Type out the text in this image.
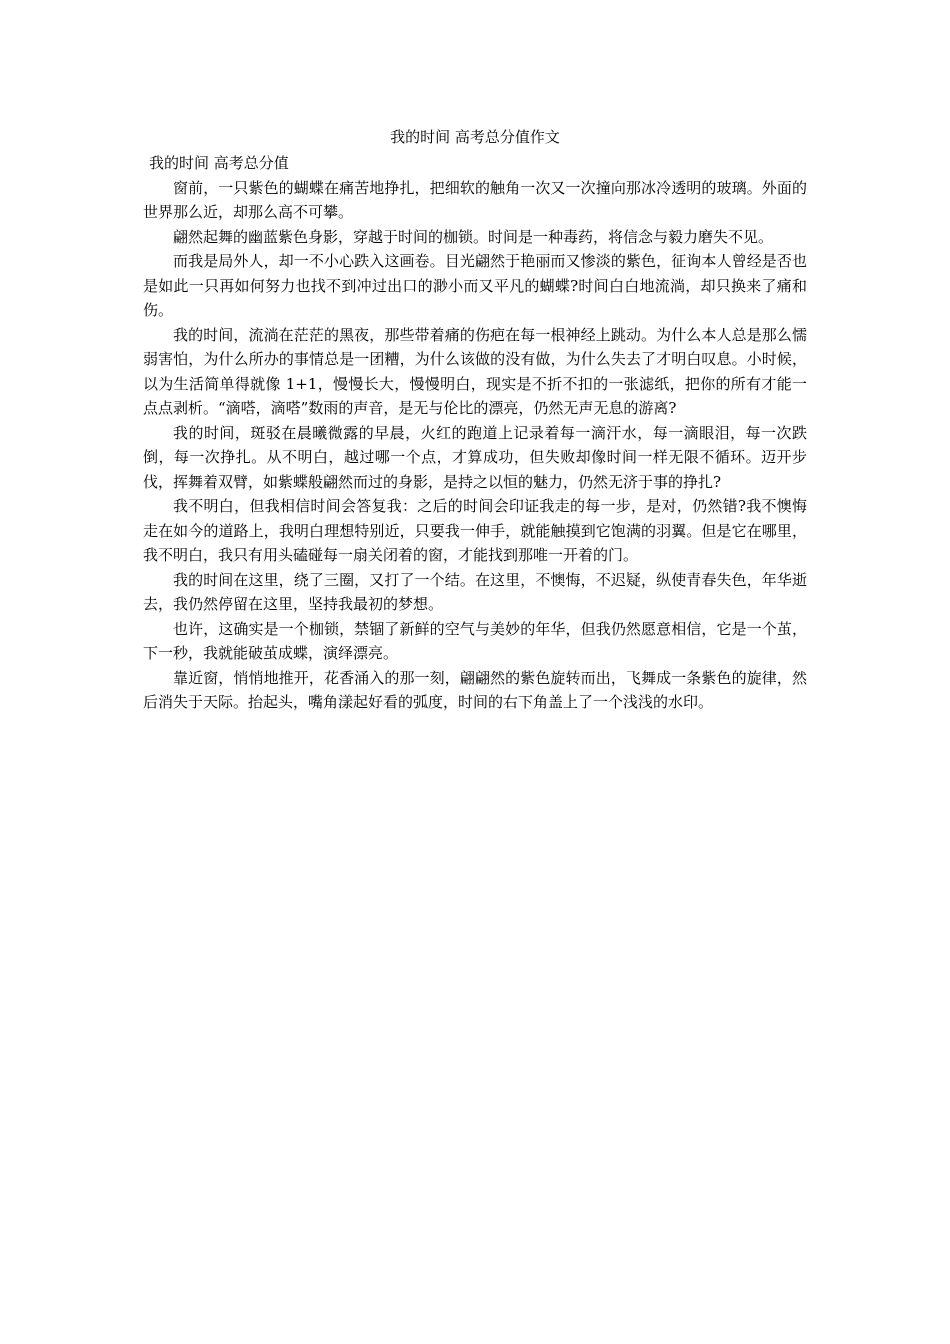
我的时间 高考总分值作文

我的时间 高考总分值

窗前，一只紫色的蝴蝶在痛苦地挣扎，把细软的触角一次又一次撞向那冰冷透明的玻璃。外面的世界那么近，却那么高不可攀。

翩然起舞的幽蓝紫色身影，穿越于时间的枷锁。时间是一种毒药，将信念与毅力磨失不见。

而我是局外人，却一不小心跌入这画卷。目光翩然于艳丽而又惨淡的紫色，征询本人曾经是否也是如此一只再如何努力也找不到冲过出口的渺小而又平凡的蝴蝶?时间白白地流淌，却只换来了痛和伤。

我的时间，流淌在茫茫的黑夜，那些带着痛的伤疤在每一根神经上跳动。为什么本人总是那么懦弱害怕，为什么所办的事情总是一团糟，为什么该做的没有做，为什么失去了才明白叹息。小时候，以为生活简单得就像 1+1，慢慢长大，慢慢明白，现实是不折不扣的一张滤纸，把你的所有才能一点点剥析。“滴嗒，滴嗒”数雨的声音，是无与伦比的漂亮，仍然无声无息的游离?

我的时间，斑驳在晨曦微露的早晨，火红的跑道上记录着每一滴汗水，每一滴眼泪，每一次跌倒，每一次挣扎。从不明白，越过哪一个点，才算成功，但失败却像时间一样无限不循环。迈开步伐，挥舞着双臂，如紫蝶般翩然而过的身影，是持之以恒的魅力，仍然无济于事的挣扎?

我不明白，但我相信时间会答复我：之后的时间会印证我走的每一步，是对，仍然错?我不懊悔走在如今的道路上，我明白理想特别近，只要我一伸手，就能触摸到它饱满的羽翼。但是它在哪里，我不明白，我只有用头磕碰每一扇关闭着的窗，才能找到那唯一开着的门。

我的时间在这里，绕了三圈，又打了一个结。在这里，不懊悔，不迟疑，纵使青春失色，年华逝去，我仍然停留在这里，坚持我最初的梦想。

也许，这确实是一个枷锁，禁锢了新鲜的空气与美妙的年华，但我仍然愿意相信，它是一个茧，下一秒，我就能破茧成蝶，演绎漂亮。

靠近窗，悄悄地推开，花香涌入的那一刻，翩翩然的紫色旋转而出，飞舞成一条紫色的旋律，然后消失于天际。抬起头，嘴角漾起好看的弧度，时间的右下角盖上了一个浅浅的水印。
